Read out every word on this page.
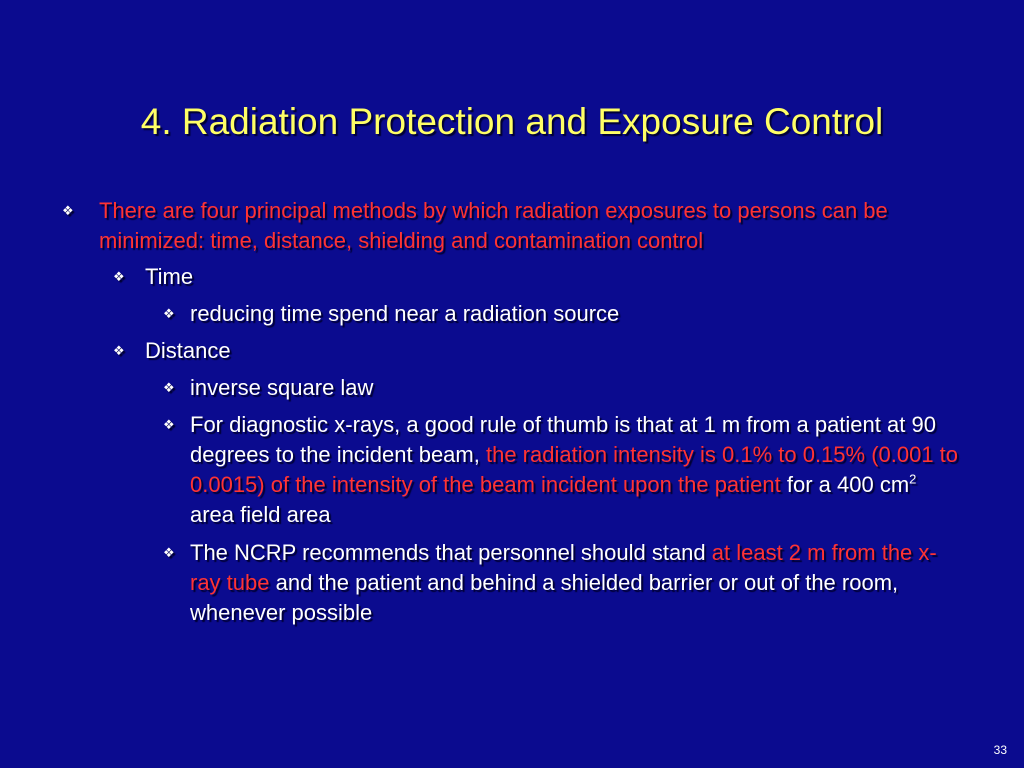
4. Radiation Protection and Exposure Control
❖ There are four principal methods by which radiation exposures to persons can be minimized: time, distance, shielding and contamination control
❖ Time
❖ reducing time spend near a radiation source
❖ Distance
❖ inverse square law
❖ For diagnostic x-rays, a good rule of thumb is that at 1 m from a patient at 90 degrees to the incident beam, the radiation intensity is 0.1% to 0.15% (0.001 to 0.0015) of the intensity of the beam incident upon the patient for a 400 $cm^2$ area field area
❖ The NCRP recommends that personnel should stand at least 2 m from the x-ray tube and the patient and behind a shielded barrier or out of the room, whenever possible
33
